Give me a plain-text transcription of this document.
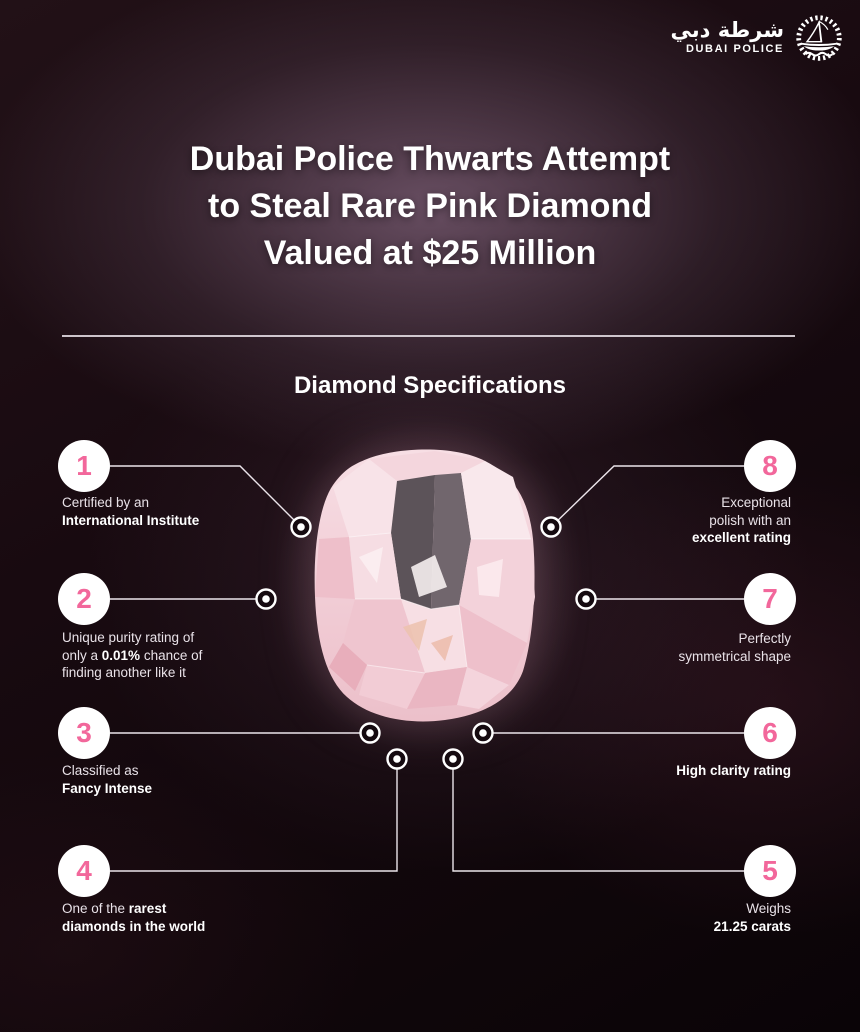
شرطة دبي
DUBAI POLICE
Dubai Police Thwarts Attempt
to Steal Rare Pink Diamond
Valued at $25 Million
Diamond Specifications
1
Certified by an
International Institute
2
Unique purity rating of
only a 0.01% chance of
finding another like it
3
Classified as
Fancy Intense
4
One of the rarest
diamonds in the world
5
Weighs
21.25 carats
6
High clarity rating
7
Perfectly
symmetrical shape
8
Exceptional
polish with an
excellent rating
